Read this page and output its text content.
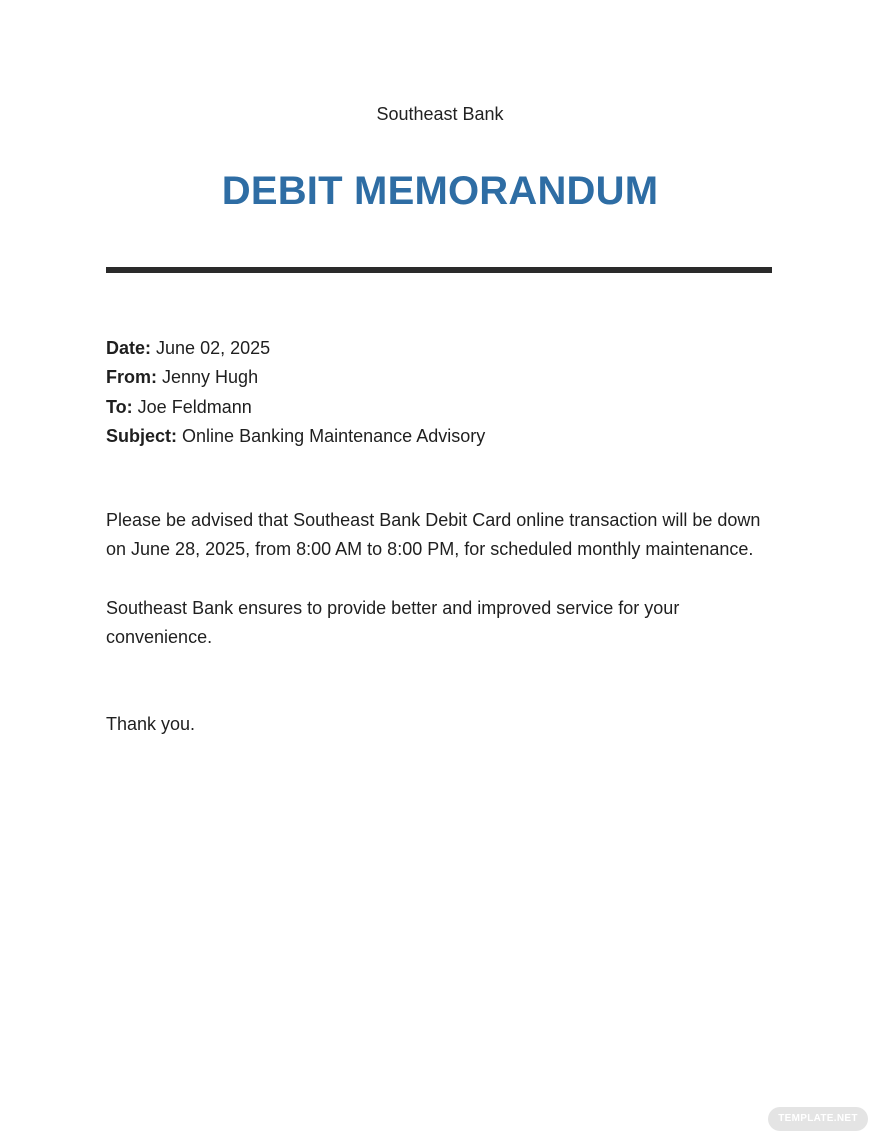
Southeast Bank
DEBIT MEMORANDUM
Date: June 02, 2025
From: Jenny Hugh
To: Joe Feldmann
Subject: Online Banking Maintenance Advisory

Please be advised that Southeast Bank Debit Card online transaction will be down on June 28, 2025, from 8:00 AM to 8:00 PM, for scheduled monthly maintenance.

Southeast Bank ensures to provide better and improved service for your convenience.

Thank you.

TEMPLATE.NET
